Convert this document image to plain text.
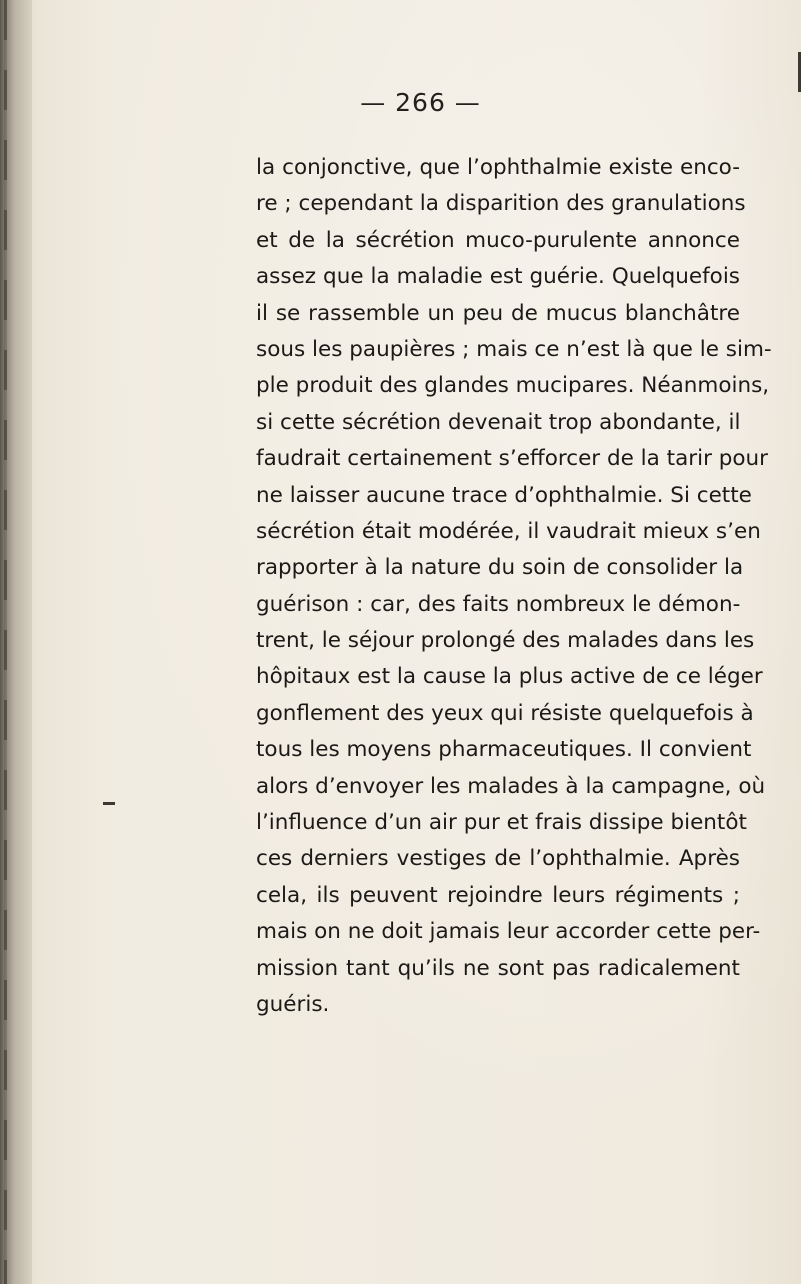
— 266 —
la conjonctive, que l’ophthalmie existe enco-
re ; cependant la disparition des granulations
et de la sécrétion muco-purulente annonce
assez que la maladie est guérie. Quelquefois
il se rassemble un peu de mucus blanchâtre
sous les paupières ; mais ce n’est là que le sim-
ple produit des glandes mucipares. Néanmoins,
si cette sécrétion devenait trop abondante, il
faudrait certainement s’efforcer de la tarir pour
ne laisser aucune trace d’ophthalmie. Si cette
sécrétion était modérée, il vaudrait mieux s’en
rapporter à la nature du soin de consolider la
guérison : car, des faits nombreux le démon-
trent, le séjour prolongé des malades dans les
hôpitaux est la cause la plus active de ce léger
gonflement des yeux qui résiste quelquefois à
tous les moyens pharmaceutiques. Il convient
alors d’envoyer les malades à la campagne, où
l’influence d’un air pur et frais dissipe bientôt
ces derniers vestiges de l’ophthalmie. Après
cela, ils peuvent rejoindre leurs régiments ;
mais on ne doit jamais leur accorder cette per-
mission tant qu’ils ne sont pas radicalement
guéris.
